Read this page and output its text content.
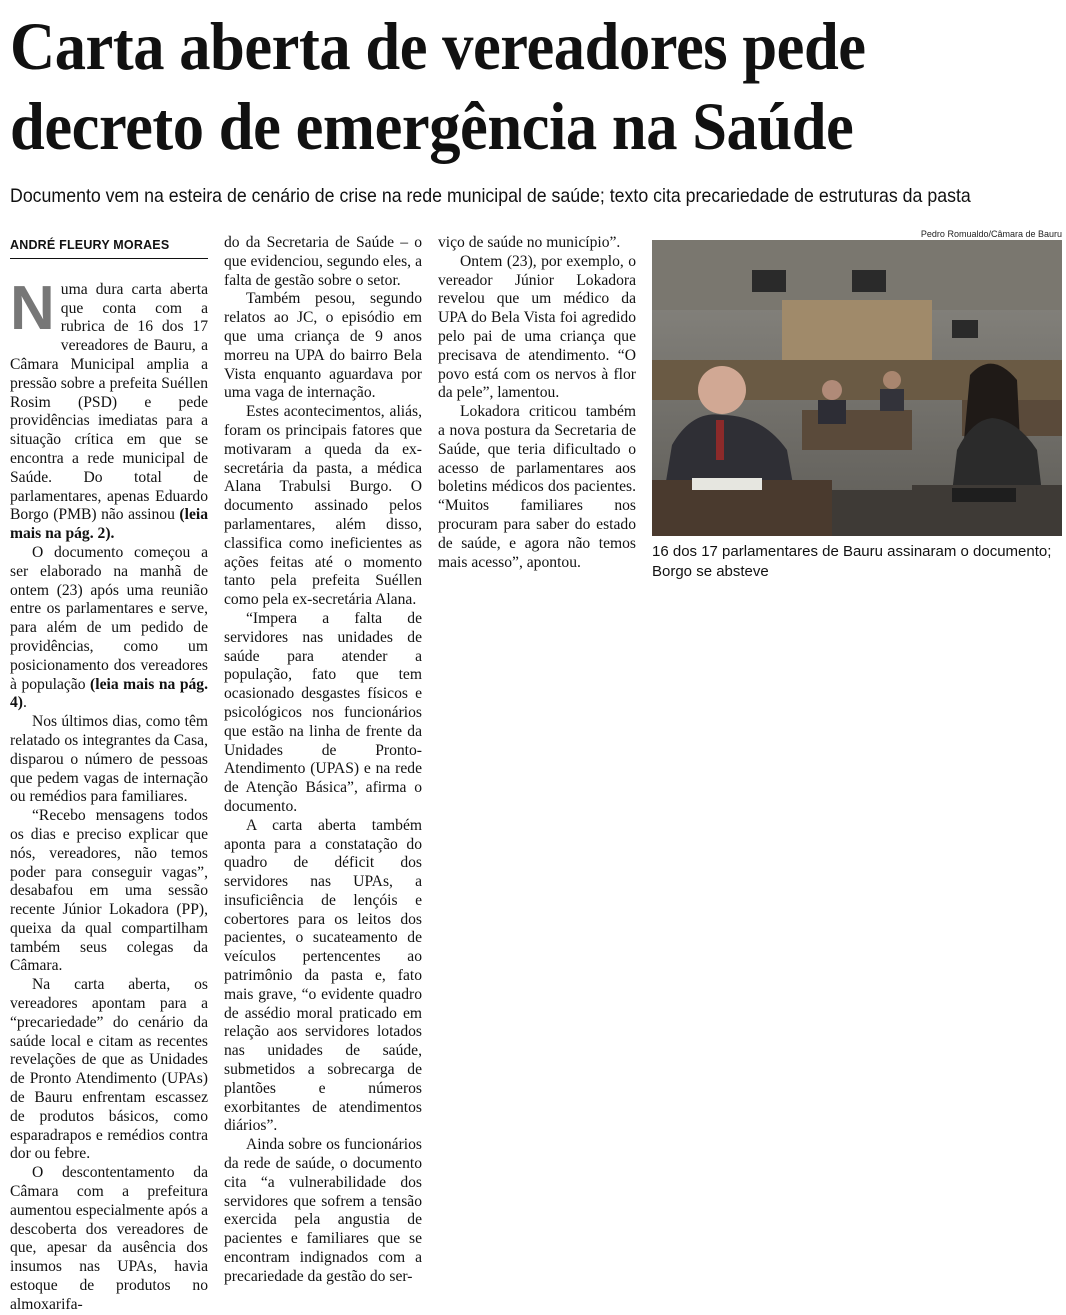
Carta aberta de vereadores pede
decreto de emergência na Saúde

Documento vem na esteira de cenário de crise na rede municipal de saúde; texto cita precariedade de estruturas da pasta

ANDRÉ FLEURY MORAES

Numa dura carta aberta que conta com a rubrica de 16 dos 17 vereadores de Bauru, a Câmara Municipal amplia a pressão sobre a prefeita Suéllen Rosim (PSD) e pede providências imediatas para a situação crítica em que se encontra a rede municipal de Saúde. Do total de parlamentares, apenas Eduardo Borgo (PMB) não assinou (leia mais na pág. 2).

O documento começou a ser elaborado na manhã de ontem (23) após uma reunião entre os parlamentares e serve, para além de um pedido de providências, como um posicionamento dos vereadores à população (leia mais na pág. 4).

Nos últimos dias, como têm relatado os integrantes da Casa, disparou o número de pessoas que pedem vagas de internação ou remédios para familiares.

“Recebo mensagens todos os dias e preciso explicar que nós, vereadores, não temos poder para conseguir vagas”, desabafou em uma sessão recente Júnior Lokadora (PP), queixa da qual compartilham também seus colegas da Câmara.

Na carta aberta, os vereadores apontam para a “precariedade” do cenário da saúde local e citam as recentes revelações de que as Unidades de Pronto Atendimento (UPAs) de Bauru enfrentam escassez de produtos básicos, como esparadrapos e remédios contra dor ou febre.

O descontentamento da Câmara com a prefeitura aumentou especialmente após a descoberta dos vereadores de que, apesar da ausência dos insumos nas UPAs, havia estoque de produtos no almoxarifa-

do da Secretaria de Saúde – o que evidenciou, segundo eles, a falta de gestão sobre o setor.

Também pesou, segundo relatos ao JC, o episódio em que uma criança de 9 anos morreu na UPA do bairro Bela Vista enquanto aguardava por uma vaga de internação.

Estes acontecimentos, aliás, foram os principais fatores que motivaram a queda da ex-secretária da pasta, a médica Alana Trabulsi Burgo. O documento assinado pelos parlamentares, além disso, classifica como ineficientes as ações feitas até o momento tanto pela prefeita Suéllen como pela ex-secretária Alana.

“Impera a falta de servidores nas unidades de saúde para atender a população, fato que tem ocasionado desgastes físicos e psicológicos nos funcionários que estão na linha de frente da Unidades de Pronto-Atendimento (UPAS) e na rede de Atenção Básica”, afirma o documento.

A carta aberta também aponta para a constatação do quadro de déficit dos servidores nas UPAs, a insuficiência de lençóis e cobertores para os leitos dos pacientes, o sucateamento de veículos pertencentes ao patrimônio da pasta e, fato mais grave, “o evidente quadro de assédio moral praticado em relação aos servidores lotados nas unidades de saúde, submetidos a sobrecarga de plantões e números exorbitantes de atendimentos diários”.

Ainda sobre os funcionários da rede de saúde, o documento cita “a vulnerabilidade dos servidores que sofrem a tensão exercida pela angustia de pacientes e familiares que se encontram indignados com a precariedade da gestão do ser-

viço de saúde no município”.

Ontem (23), por exemplo, o vereador Júnior Lokadora revelou que um médico da UPA do Bela Vista foi agredido pelo pai de uma criança que precisava de atendimento. “O povo está com os nervos à flor da pele”, lamentou.

Lokadora criticou também a nova postura da Secretaria de Saúde, que teria dificultado o acesso de parlamentares aos boletins médicos dos pacientes. “Muitos familiares nos procuram para saber do estado de saúde, e agora não temos mais acesso”, apontou.

Pedro Romualdo/Câmara de Bauru

16 dos 17 parlamentares de Bauru assinaram o documento; Borgo se absteve
